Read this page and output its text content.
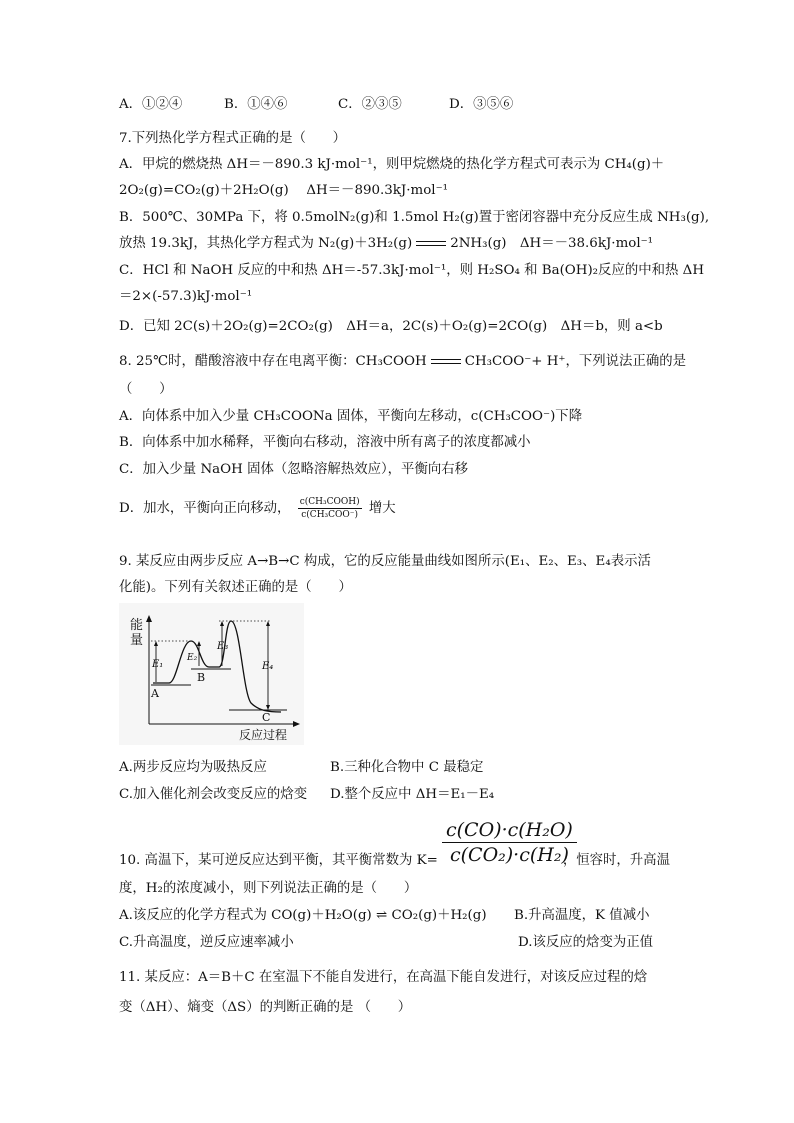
A．①②④	B．①④⑥	C．②③⑤	D．③⑤⑥
7.下列热化学方程式正确的是（　　）
A．甲烷的燃烧热 ΔH＝－890.3 kJ·mol⁻¹，则甲烷燃烧的热化学方程式可表示为 CH₄(g)＋
2O₂(g)=CO₂(g)＋2H₂O(g)　 ΔH＝－890.3kJ·mol⁻¹
B．500℃、30MPa 下，将 0.5molN₂(g)和 1.5mol H₂(g)置于密闭容器中充分反应生成 NH₃(g),
放热 19.3kJ，其热化学方程式为 N₂(g)＋3H₂(g)	2NH₃(g)　ΔH＝－38.6kJ·mol⁻¹
C．HCl 和 NaOH 反应的中和热 ΔH＝-57.3kJ·mol⁻¹，则 H₂SO₄ 和 Ba(OH)₂反应的中和热 ΔH
＝2×(-57.3)kJ·mol⁻¹
D．已知 2C(s)＋2O₂(g)=2CO₂(g)　ΔH＝a，2C(s)＋O₂(g)=2CO(g)　ΔH＝b，则 a<b
8. 25℃时，醋酸溶液中存在电离平衡：CH₃COOH	CH₃COO⁻+ H⁺，下列说法正确的是
（　　）
A．向体系中加入少量 CH₃COONa 固体，平衡向左移动，c(CH₃COO⁻)下降
B．向体系中加水稀释，平衡向右移动，溶液中所有离子的浓度都减小
C．加入少量 NaOH 固体（忽略溶解热效应），平衡向右移
D．加水，平衡向正向移动， $\frac{\text{c(CH₃COOH)}}{\text{c(CH₃COO⁻)}}$ 增大
9. 某反应由两步反应 A→B→C 构成，它的反应能量曲线如图所示(E₁、E₂、E₃、E₄表示活
化能)。下列有关叙述正确的是（　　）
能
量
反应过程
E₁
E₂
E₃
E₄
A
B
C
A.两步反应均为吸热反应	B.三种化合物中 C 最稳定
C.加入催化剂会改变反应的焓变 D.整个反应中 ΔH＝E₁－E₄
$\frac{\text{c(CO)·c(H₂O)}}{\text{c(CO₂)·c(H₂)}}$
10. 高温下，某可逆反应达到平衡，其平衡常数为 K=	，恒容时，升高温
度，H₂的浓度减小，则下列说法正确的是（　　）
A.该反应的化学方程式为 CO(g)＋H₂O(g) ⇌ CO₂(g)＋H₂(g) B.升高温度，K 值减小
C.升高温度，逆反应速率减小	D.该反应的焓变为正值
11. 某反应：A＝B＋C 在室温下不能自发进行，在高温下能自发进行，对该反应过程的焓
变（ΔH）、熵变（ΔS）的判断正确的是 （　　）
